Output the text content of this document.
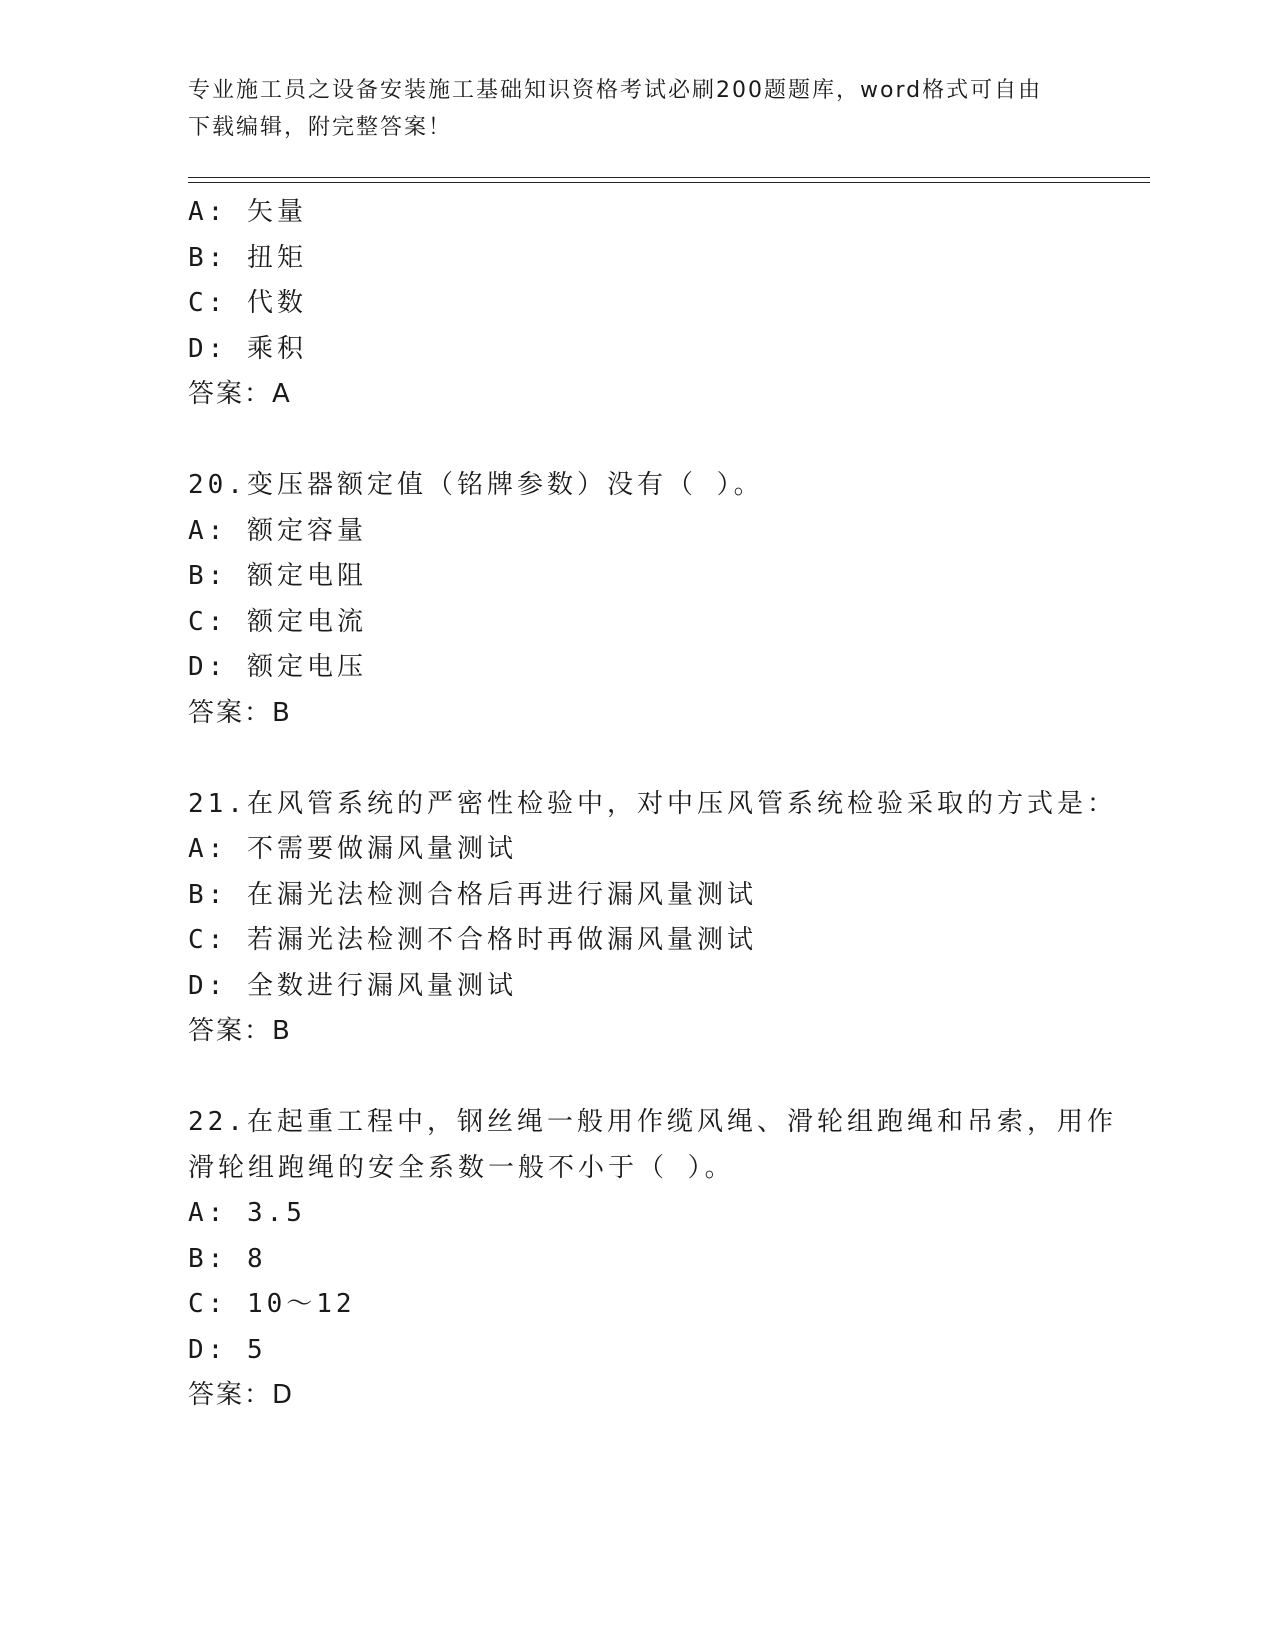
专业施工员之设备安装施工基础知识资格考试必刷200题题库，word格式可自由
下载编辑，附完整答案！
A: 矢量
B: 扭矩
C: 代数
D: 乘积
答案：A
20.变压器额定值（铭牌参数）没有（ ）。
A: 额定容量
B: 额定电阻
C: 额定电流
D: 额定电压
答案：B
21.在风管系统的严密性检验中，对中压风管系统检验采取的方式是：
A: 不需要做漏风量测试
B: 在漏光法检测合格后再进行漏风量测试
C: 若漏光法检测不合格时再做漏风量测试
D: 全数进行漏风量测试
答案：B
22.在起重工程中，钢丝绳一般用作缆风绳、滑轮组跑绳和吊索，用作
滑轮组跑绳的安全系数一般不小于（ ）。
A: 3.5
B: 8
C: 10～12
D: 5
答案：D
